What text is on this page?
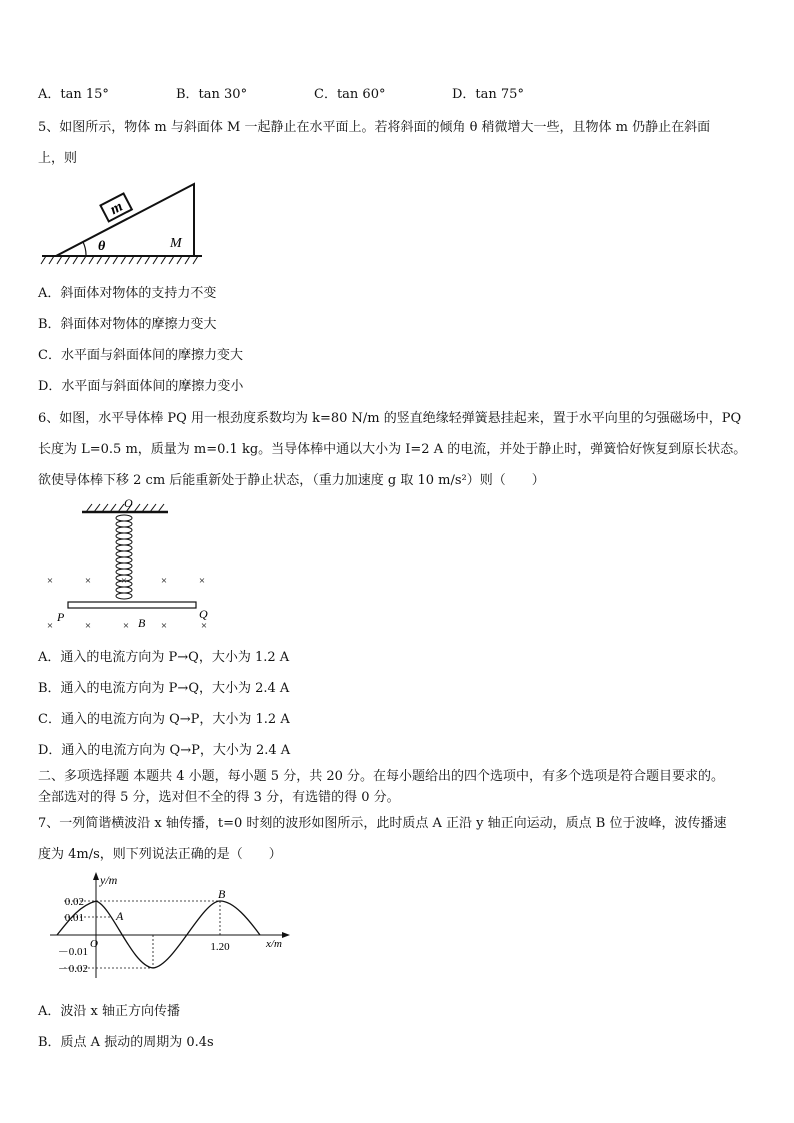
A．tan 15°	B．tan 30°	C．tan 60°	D．tan 75°
5、如图所示，物体 m 与斜面体 M 一起静止在水平面上。若将斜面的倾角 θ 稍微增大一些，且物体 m 仍静止在斜面
上，则
m
θ	M
A．斜面体对物体的支持力不变
B．斜面体对物体的摩擦力变大
C．水平面与斜面体间的摩擦力变大
D．水平面与斜面体间的摩擦力变小
6、如图，水平导体棒 PQ 用一根劲度系数均为 k=80 N/m 的竖直绝缘轻弹簧悬挂起来，置于水平向里的匀强磁场中，PQ
长度为 L=0.5 m，质量为 m=0.1 kg。当导体棒中通以大小为 I=2 A 的电流，并处于静止时，弹簧恰好恢复到原长状态。
欲使导体棒下移 2 cm 后能重新处于静止状态，（重力加速度 g 取 10 m/s²）则（　　）
O
×	×	×	×	×
×	×	×	×	×
P	Q
B
A．通入的电流方向为 P→Q，大小为 1.2 A
B．通入的电流方向为 P→Q，大小为 2.4 A
C．通入的电流方向为 Q→P，大小为 1.2 A
D．通入的电流方向为 Q→P，大小为 2.4 A
二、多项选择题 本题共 4 小题，每小题 5 分，共 20 分。在每小题给出的四个选项中，有多个选项是符合题目要求的。
全部选对的得 5 分，选对但不全的得 3 分，有选错的得 0 分。
7、一列简谐横波沿 x 轴传播，t=0 时刻的波形如图所示，此时质点 A 正沿 y 轴正向运动，质点 B 位于波峰，波传播速
度为 4m/s，则下列说法正确的是（　　）
y/m
x/m
O
0.02
0.01
－0.01
－0.02
1.20
A
B
A．波沿 x 轴正方向传播
B．质点 A 振动的周期为 0.4s
